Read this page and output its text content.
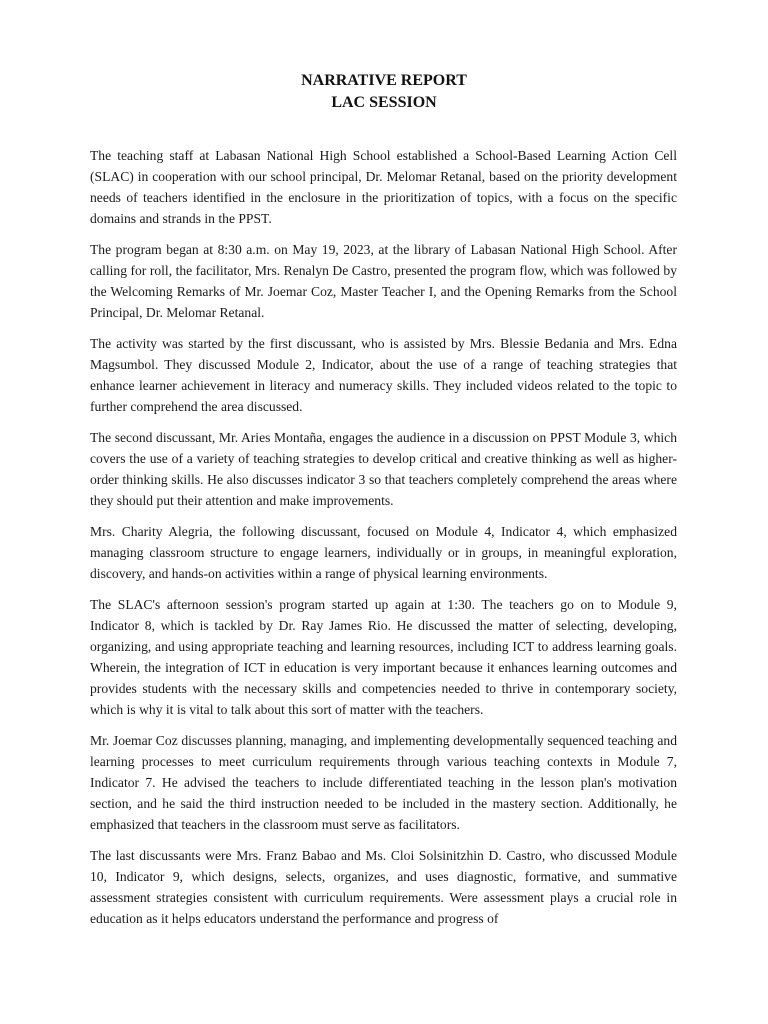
NARRATIVE REPORT
LAC SESSION

The teaching staff at Labasan National High School established a School-Based Learning Action Cell (SLAC) in cooperation with our school principal, Dr. Melomar Retanal, based on the priority development needs of teachers identified in the enclosure in the prioritization of topics, with a focus on the specific domains and strands in the PPST.

The program began at 8:30 a.m. on May 19, 2023, at the library of Labasan National High School. After calling for roll, the facilitator, Mrs. Renalyn De Castro, presented the program flow, which was followed by the Welcoming Remarks of Mr. Joemar Coz, Master Teacher I, and the Opening Remarks from the School Principal, Dr. Melomar Retanal.

The activity was started by the first discussant, who is assisted by Mrs. Blessie Bedania and Mrs. Edna Magsumbol. They discussed Module 2, Indicator, about the use of a range of teaching strategies that enhance learner achievement in literacy and numeracy skills. They included videos related to the topic to further comprehend the area discussed.

The second discussant, Mr. Aries Montaña, engages the audience in a discussion on PPST Module 3, which covers the use of a variety of teaching strategies to develop critical and creative thinking as well as higher-order thinking skills. He also discusses indicator 3 so that teachers completely comprehend the areas where they should put their attention and make improvements.

Mrs. Charity Alegria, the following discussant, focused on Module 4, Indicator 4, which emphasized managing classroom structure to engage learners, individually or in groups, in meaningful exploration, discovery, and hands-on activities within a range of physical learning environments.

The SLAC's afternoon session's program started up again at 1:30. The teachers go on to Module 9, Indicator 8, which is tackled by Dr. Ray James Rio. He discussed the matter of selecting, developing, organizing, and using appropriate teaching and learning resources, including ICT to address learning goals. Wherein, the integration of ICT in education is very important because it enhances learning outcomes and provides students with the necessary skills and competencies needed to thrive in contemporary society, which is why it is vital to talk about this sort of matter with the teachers.

Mr. Joemar Coz discusses planning, managing, and implementing developmentally sequenced teaching and learning processes to meet curriculum requirements through various teaching contexts in Module 7, Indicator 7. He advised the teachers to include differentiated teaching in the lesson plan's motivation section, and he said the third instruction needed to be included in the mastery section. Additionally, he emphasized that teachers in the classroom must serve as facilitators.

The last discussants were Mrs. Franz Babao and Ms. Cloi Solsinitzhin D. Castro, who discussed Module 10, Indicator 9, which designs, selects, organizes, and uses diagnostic, formative, and summative assessment strategies consistent with curriculum requirements. Were assessment plays a crucial role in education as it helps educators understand the performance and progress of
